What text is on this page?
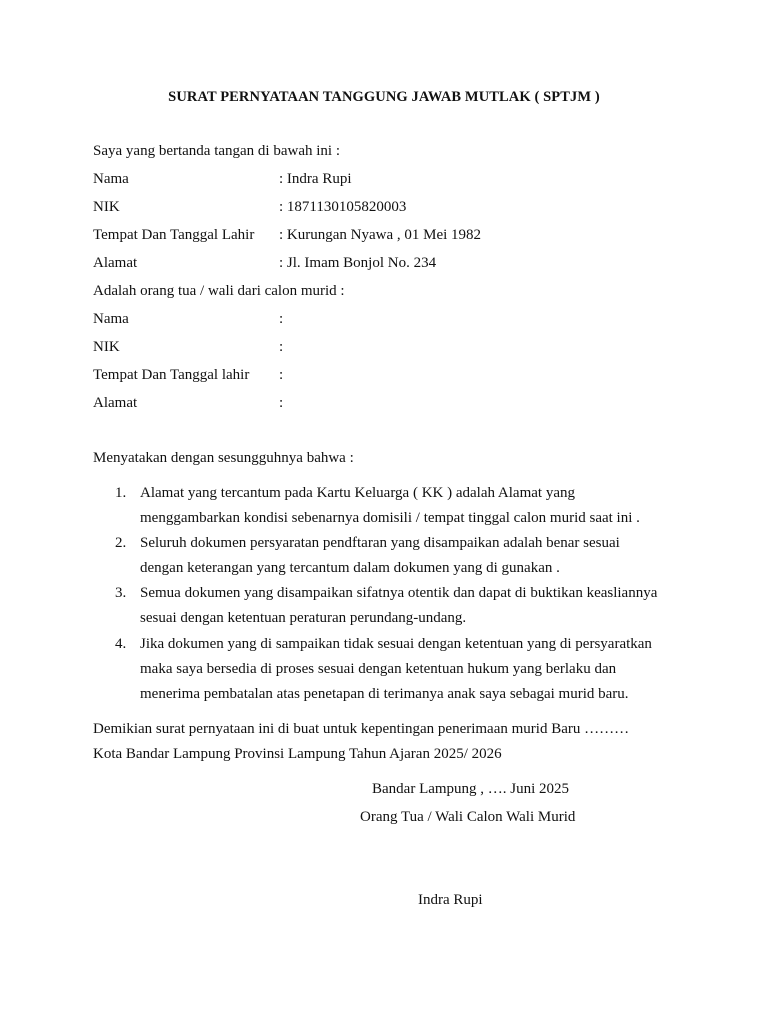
SURAT PERNYATAAN TANGGUNG JAWAB MUTLAK ( SPTJM )
Saya yang bertanda tangan di bawah ini :
Nama	: Indra Rupi
NIK	: 1871130105820003
Tempat Dan Tanggal Lahir : Kurungan Nyawa , 01 Mei 1982
Alamat	: Jl. Imam Bonjol No. 234
Adalah orang tua / wali dari calon murid :
Nama	:
NIK	:
Tempat Dan Tanggal lahir :
Alamat	:
Menyatakan dengan sesungguhnya bahwa :
1. Alamat yang tercantum pada Kartu Keluarga ( KK ) adalah Alamat yang
menggambarkan kondisi sebenarnya domisili / tempat tinggal calon murid saat ini .
2. Seluruh dokumen persyaratan pendftaran yang disampaikan adalah benar sesuai
dengan keterangan yang tercantum dalam dokumen yang di gunakan .
3. Semua dokumen yang disampaikan sifatnya otentik dan dapat di buktikan keasliannya
sesuai dengan ketentuan peraturan perundang-undang.
4. Jika dokumen yang di sampaikan tidak sesuai dengan ketentuan yang di persyaratkan
maka saya bersedia di proses sesuai dengan ketentuan hukum yang berlaku dan
menerima pembatalan atas penetapan di terimanya anak saya sebagai murid baru.
Demikian surat pernyataan ini di buat untuk kepentingan penerimaan murid Baru ………
Kota Bandar Lampung Provinsi Lampung Tahun Ajaran 2025/ 2026
Bandar Lampung , …. Juni 2025
Orang Tua / Wali Calon Wali Murid
Indra Rupi
